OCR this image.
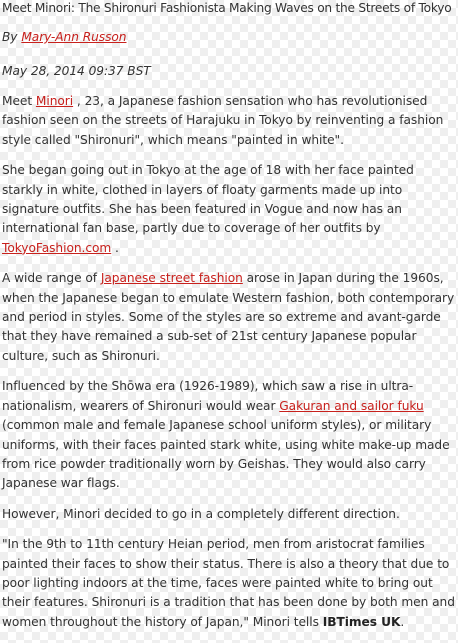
Meet Minori: The Shironuri Fashionista Making Waves on the Streets of Tokyo
By Mary-Ann Russon
May 28, 2014 09:37 BST

Meet Minori , 23, a Japanese fashion sensation who has revolutionised fashion seen on the streets of Harajuku in Tokyo by reinventing a fashion style called "Shironuri", which means "painted in white".

She began going out in Tokyo at the age of 18 with her face painted starkly in white, clothed in layers of floaty garments made up into signature outfits. She has been featured in Vogue and now has an international fan base, partly due to coverage of her outfits by TokyoFashion.com .

A wide range of Japanese street fashion arose in Japan during the 1960s, when the Japanese began to emulate Western fashion, both contemporary and period in styles. Some of the styles are so extreme and avant-garde that they have remained a sub-set of 21st century Japanese popular culture, such as Shironuri.

Influenced by the Shōwa era (1926-1989), which saw a rise in ultra-nationalism, wearers of Shironuri would wear Gakuran and sailor fuku (common male and female Japanese school uniform styles), or military uniforms, with their faces painted stark white, using white make-up made from rice powder traditionally worn by Geishas. They would also carry Japanese war flags.

However, Minori decided to go in a completely different direction.

"In the 9th to 11th century Heian period, men from aristocrat families painted their faces to show their status. There is also a theory that due to poor lighting indoors at the time, faces were painted white to bring out their features. Shironuri is a tradition that has been done by both men and women throughout the history of Japan," Minori tells IBTimes UK.
